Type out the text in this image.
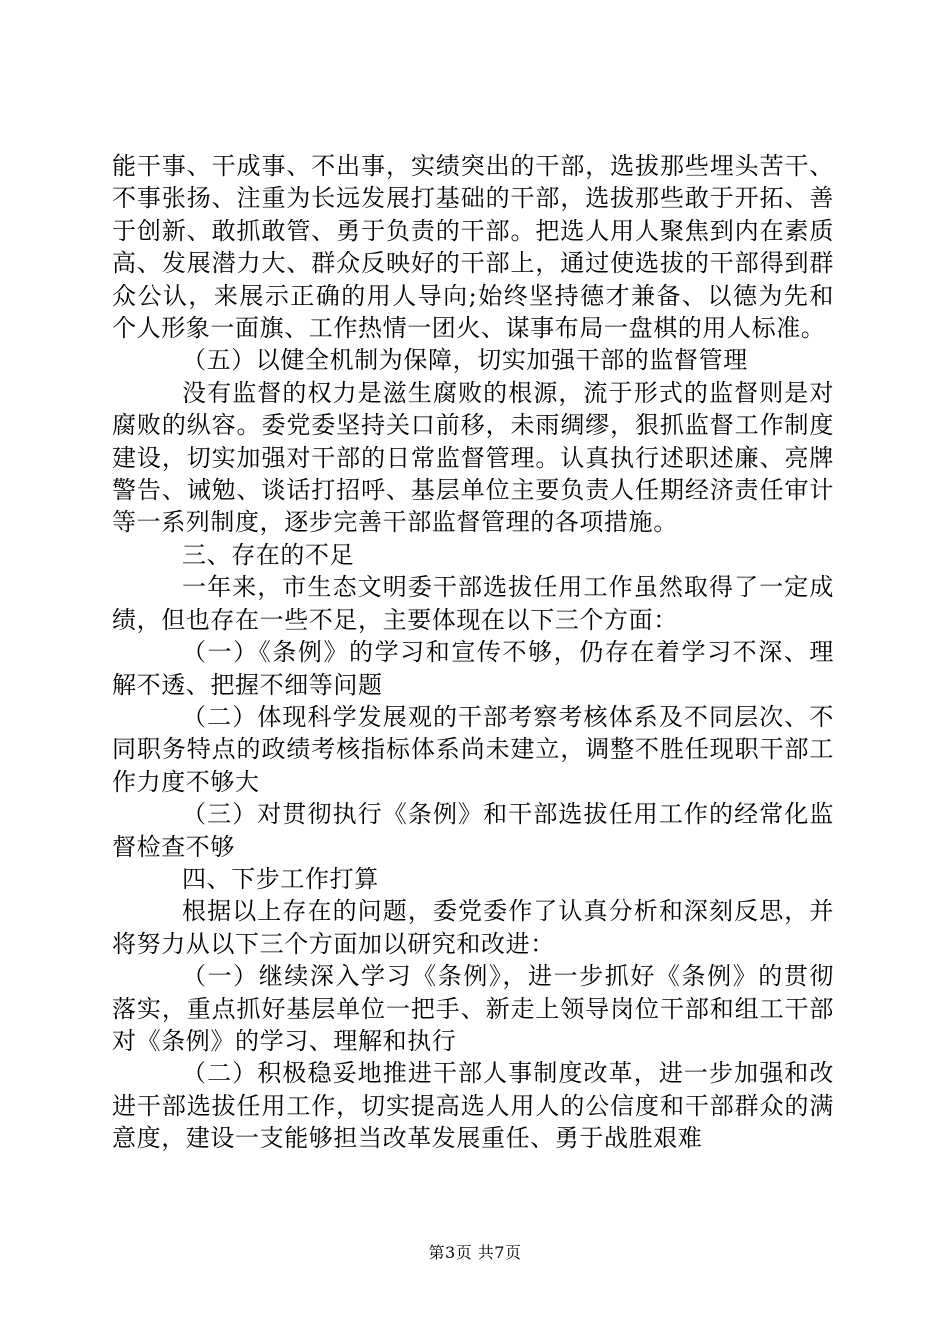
能干事、干成事、不出事，实绩突出的干部，选拔那些埋头苦干、不事张扬、注重为长远发展打基础的干部，选拔那些敢于开拓、善于创新、敢抓敢管、勇于负责的干部。把选人用人聚焦到内在素质高、发展潜力大、群众反映好的干部上，通过使选拔的干部得到群众公认，来展示正确的用人导向;始终坚持德才兼备、以德为先和个人形象一面旗、工作热情一团火、谋事布局一盘棋的用人标准。

（五）以健全机制为保障，切实加强干部的监督管理

没有监督的权力是滋生腐败的根源，流于形式的监督则是对腐败的纵容。委党委坚持关口前移，未雨绸缪，狠抓监督工作制度建设，切实加强对干部的日常监督管理。认真执行述职述廉、亮牌警告、诫勉、谈话打招呼、基层单位主要负责人任期经济责任审计等一系列制度，逐步完善干部监督管理的各项措施。

三、存在的不足

一年来，市生态文明委干部选拔任用工作虽然取得了一定成绩，但也存在一些不足，主要体现在以下三个方面：

（一）《条例》的学习和宣传不够，仍存在着学习不深、理解不透、把握不细等问题

（二）体现科学发展观的干部考察考核体系及不同层次、不同职务特点的政绩考核指标体系尚未建立，调整不胜任现职干部工作力度不够大

（三）对贯彻执行《条例》和干部选拔任用工作的经常化监督检查不够

四、下步工作打算

根据以上存在的问题，委党委作了认真分析和深刻反思，并将努力从以下三个方面加以研究和改进：

（一）继续深入学习《条例》，进一步抓好《条例》的贯彻落实，重点抓好基层单位一把手、新走上领导岗位干部和组工干部对《条例》的学习、理解和执行

（二）积极稳妥地推进干部人事制度改革，进一步加强和改进干部选拔任用工作，切实提高选人用人的公信度和干部群众的满意度，建设一支能够担当改革发展重任、勇于战胜艰难

第3页 共7页
